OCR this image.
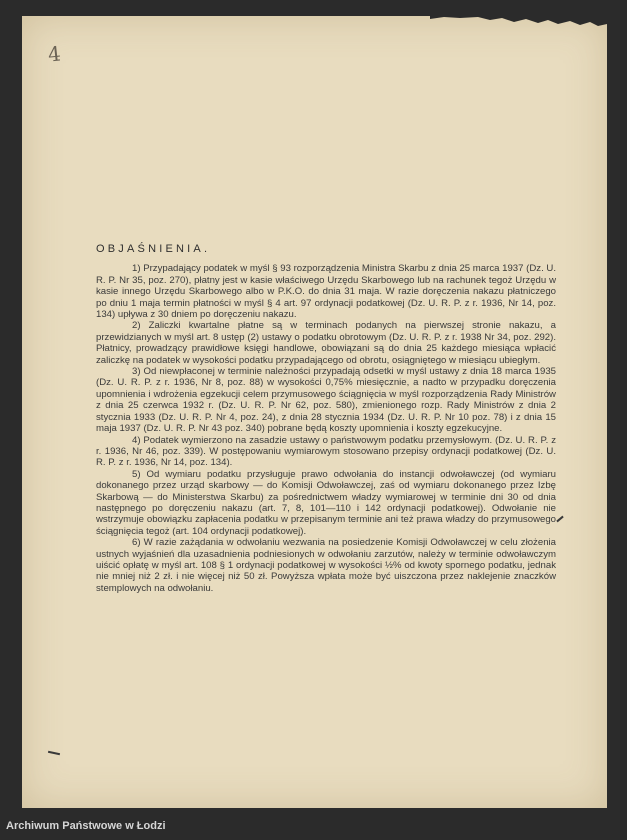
4
OBJAŚNIENIA.

1) Przypadający podatek w myśl § 93 rozporządzenia Ministra Skarbu z dnia 25 marca 1937 (Dz. U. R. P. Nr 35, poz. 270), płatny jest w kasie właściwego Urzędu Skarbowego lub na rachunek tegoż Urzędu w kasie innego Urzędu Skarbowego albo w P.K.O. do dnia 31 maja. W razie doręczenia nakazu płatniczego po dniu 1 maja termin płatności w myśl § 4 art. 97 ordynacji podatkowej (Dz. U. R. P. z r. 1936, Nr 14, poz. 134) upływa z 30 dniem po doręczeniu nakazu.

2) Zaliczki kwartalne płatne są w terminach podanych na pierwszej stronie nakazu, a przewidzianych w myśl art. 8 ustęp (2) ustawy o podatku obrotowym (Dz. U. R. P. z r. 1938 Nr 34, poz. 292). Płatnicy, prowadzący prawidłowe księgi handlowe, obowiązani są do dnia 25 każdego miesiąca wpłacić zaliczkę na podatek w wysokości podatku przypadającego od obrotu, osiągniętego w miesiącu ubiegłym.

3) Od niewpłaconej w terminie należności przypadają odsetki w myśl ustawy z dnia 18 marca 1935 (Dz. U. R. P. z r. 1936, Nr 8, poz. 88) w wysokości 0,75% miesięcznie, a nadto w przypadku doręczenia upomnienia i wdrożenia egzekucji celem przymusowego ściągnięcia w myśl rozporządzenia Rady Ministrów z dnia 25 czerwca 1932 r. (Dz. U. R. P. Nr 62, poz. 580), zmienionego rozp. Rady Ministrów z dnia 2 stycznia 1933 (Dz. U. R. P. Nr 4, poz. 24), z dnia 28 stycznia 1934 (Dz. U. R. P. Nr 10 poz. 78) i z dnia 15 maja 1937 (Dz. U. R. P. Nr 43 poz. 340) pobrane będą koszty upomnienia i koszty egzekucyjne.

4) Podatek wymierzono na zasadzie ustawy o państwowym podatku przemysłowym. (Dz. U. R. P. z r. 1936, Nr 46, poz. 339). W postępowaniu wymiarowym stosowano przepisy ordynacji podatkowej (Dz. U. R. P. z r. 1936, Nr 14, poz. 134).

5) Od wymiaru podatku przysługuje prawo odwołania do instancji odwoławczej (od wymiaru dokonanego przez urząd skarbowy — do Komisji Odwoławczej, zaś od wymiaru dokonanego przez Izbę Skarbową — do Ministerstwa Skarbu) za pośrednictwem władzy wymiarowej w terminie dni 30 od dnia następnego po doręczeniu nakazu (art. 7, 8, 101—110 i 142 ordynacji podatkowej). Odwołanie nie wstrzymuje obowiązku zapłacenia podatku w przepisanym terminie ani też prawa władzy do przymusowego ściągnięcia tegoż (art. 104 ordynacji podatkowej).

6) W razie zażądania w odwołaniu wezwania na posiedzenie Komisji Odwoławczej w celu złożenia ustnych wyjaśnień dla uzasadnienia podniesionych w odwołaniu zarzutów, należy w terminie odwoławczym uiścić opłatę w myśl art. 108 § 1 ordynacji podatkowej w wysokości ½% od kwoty spornego podatku, jednak nie mniej niż 2 zł. i nie więcej niż 50 zł. Powyższa wpłata może być uiszczona przez naklejenie znaczków stemplowych na odwołaniu.

Archiwum Państwowe w Łodzi
